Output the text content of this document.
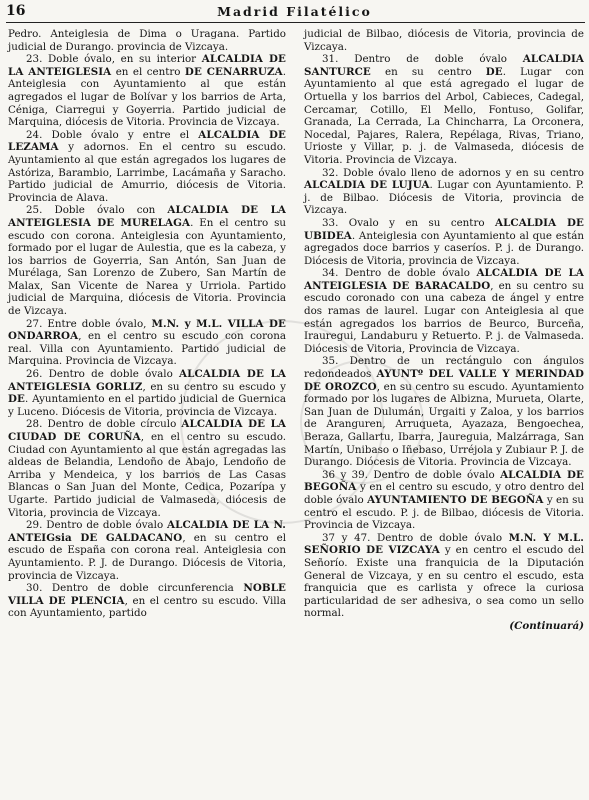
16	Madrid Filatélico

Pedro. Anteiglesia de Dima o Uragana. Partido judicial de Durango. provincia de Vizcaya.

23. Doble óvalo, en su interior ALCALDIA DE LA ANTEIGLESIA en el centro DE CENARRUZA. Anteiglesia con Ayuntamiento al que están agregados el lugar de Bolívar y los barrios de Arta, Céniga, Ciarregui y Goyerria. Partido judicial de Marquina, diócesis de Vitoria. Provincia de Vizcaya.

24. Doble óvalo y entre el ALCALDIA DE LEZAMA y adornos. En el centro su escudo. Ayuntamiento al que están agregados los lugares de Astóriza, Barambio, Larrimbe, Lacámaña y Saracho. Partido judicial de Amurrio, diócesis de Vitoria. Provincia de Alava.

25. Doble óvalo con ALCALDIA DE LA ANTEIGLESIA DE MURELAGA. En el centro su escudo con corona. Anteiglesia con Ayuntamiento, formado por el lugar de Aulestia, que es la cabeza, y los barrios de Goyerria, San Antón, San Juan de Murélaga, San Lorenzo de Zubero, San Martín de Malax, San Vicente de Narea y Urriola. Partido judicial de Marquina, diócesis de Vitoria. Provincia de Vizcaya.

27. Entre doble óvalo, M.N. y M.L. VILLA DE ONDARROA, en el centro su escudo con corona real. Villa con Ayuntamiento. Partido judicial de Marquina. Provincia de Vizcaya.

26. Dentro de doble óvalo ALCALDIA DE LA ANTEIGLESIA GORLIZ, en su centro su escudo y DE. Ayuntamiento en el partido judicial de Guernica y Luceno. Diócesis de Vitoria, provincia de Vizcaya.

28. Dentro de doble círculo ALCALDIA DE LA CIUDAD DE CORUÑA, en el centro su escudo. Ciudad con Ayuntamiento al que están agregadas las aldeas de Belandia, Lendoño de Abajo, Lendoño de Arriba y Mendeica, y los barrios de Las Casas Blancas o San Juan del Monte, Cedica, Pozarípa y Ugarte. Partido judicial de Valmaseda, diócesis de Vitoria, provincia de Vizcaya.

29. Dentro de doble óvalo ALCALDIA DE LA N. ANTEIGsia DE GALDACANO, en su centro el escudo de España con corona real. Anteiglesia con Ayuntamiento. P. J. de Durango. Diócesis de Vitoria, provincia de Vizcaya.

30. Dentro de doble circunferencia NOBLE VILLA DE PLENCIA, en el centro su escudo. Villa con Ayuntamiento, partido

judicial de Bilbao, diócesis de Vitoria, provincia de Vizcaya.

31. Dentro de doble óvalo ALCALDIA SANTURCE en su centro DE. Lugar con Ayuntamiento al que está agregado el lugar de Ortuella y los barrios del Arbol, Cabieces, Cadegal, Cercamar, Cotillo, El Mello, Fontuso, Golifar, Granada, La Cerrada, La Chincharra, La Orconera, Nocedal, Pajares, Ralera, Repélaga, Rivas, Triano, Urioste y Villar, p. j. de Valmaseda, diócesis de Vitoria. Provincia de Vizcaya.

32. Doble óvalo lleno de adornos y en su centro ALCALDIA DE LUJUA. Lugar con Ayuntamiento. P. j. de Bilbao. Diócesis de Vitoria, provincia de Vizcaya.

33. Ovalo y en su centro ALCALDIA DE UBIDEA. Anteiglesia con Ayuntamiento al que están agregados doce barrios y caseríos. P. j. de Durango. Diócesis de Vitoria, provincia de Vizcaya.

34. Dentro de doble óvalo ALCALDIA DE LA ANTEIGLESIA DE BARACALDO, en su centro su escudo coronado con una cabeza de ángel y entre dos ramas de laurel. Lugar con Anteiglesia al que están agregados los barrios de Beurco, Burceña, Irauregui, Landaburu y Retuerto. P. j. de Valmaseda. Diócesis de Vitoria, Provincia de Vizcaya.

35. Dentro de un rectángulo con ángulos redondeados AYUNTº DEL VALLE Y MERINDAD DE OROZCO, en su centro su escudo. Ayuntamiento formado por los lugares de Albizna, Murueta, Olarte, San Juan de Dulumán, Urgaiti y Zaloa, y los barrios de Aranguren, Arruqueta, Ayazaza, Bengoechea, Beraza, Gallartu, Ibarra, Jaureguia, Malzárraga, San Martín, Unibaso o Iñebaso, Urréjola y Zubiaur P. J. de Durango. Diócesis de Vitoria. Provincia de Vizcaya.

36 y 39. Dentro de doble óvalo ALCALDIA DE BEGOÑA y en el centro su escudo, y otro dentro del doble óvalo AYUNTAMIENTO DE BEGOÑA y en su centro el escudo. P. j. de Bilbao, diócesis de Vitoria. Provincia de Vizcaya.

37 y 47. Dentro de doble óvalo M.N. Y M.L. SEÑORIO DE VIZCAYA y en centro el escudo del Señorío. Existe una franquicia de la Diputación General de Vizcaya, y en su centro el escudo, esta franquicia que es carlista y ofrece la curiosa particularidad de ser adhesiva, o sea como un sello normal.

(Continuará)
